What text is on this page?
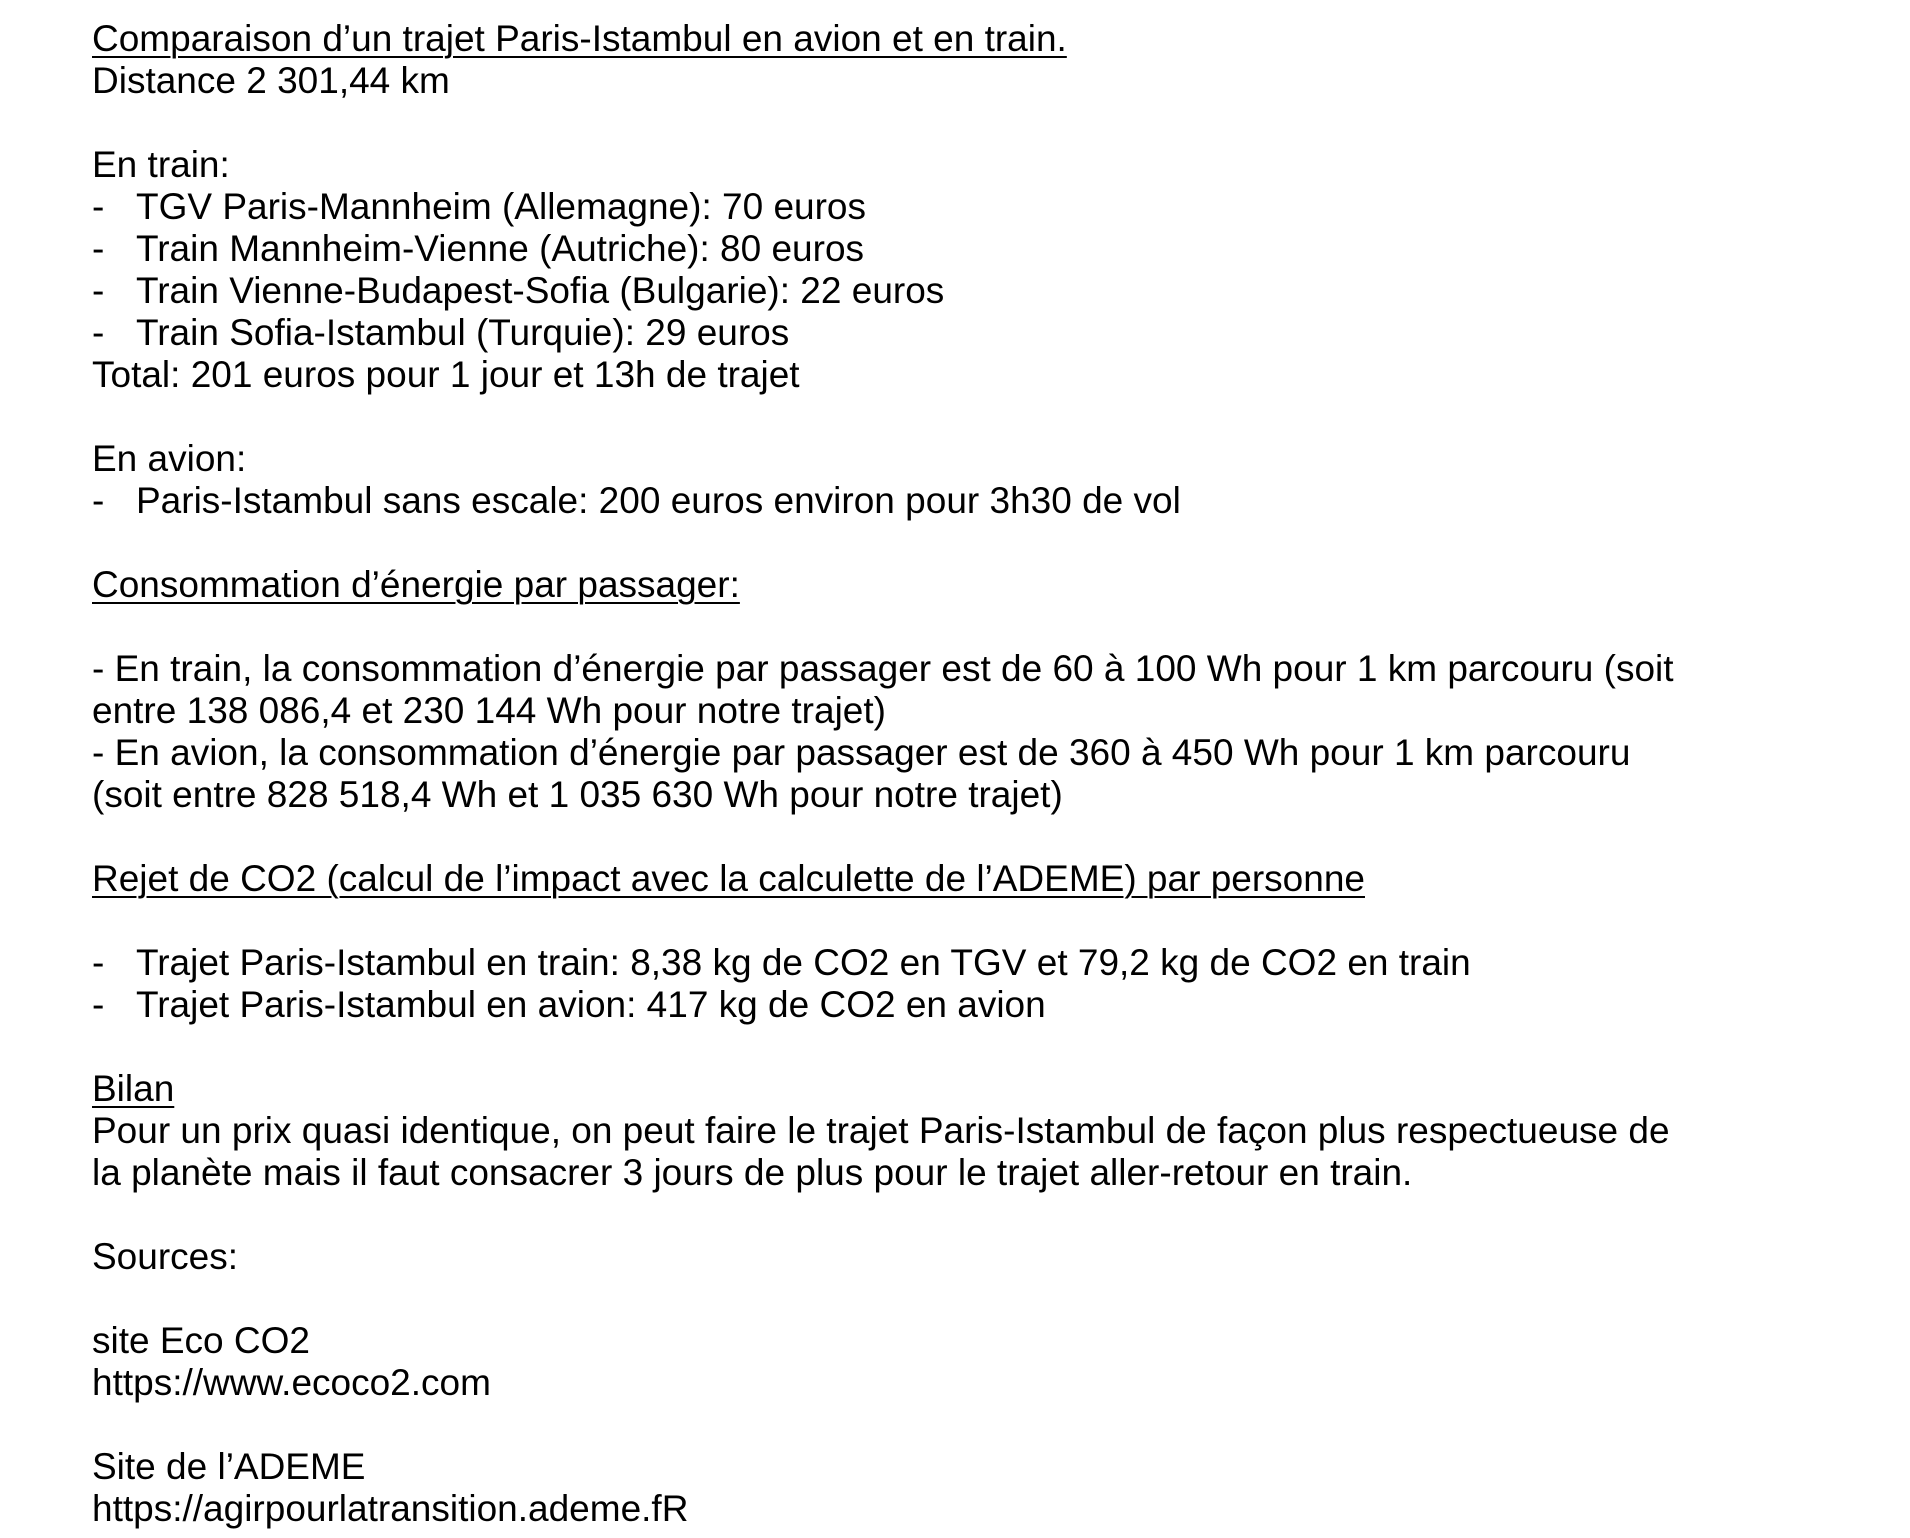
Comparaison d’un trajet Paris-Istambul en avion et en train.
Distance 2 301,44 km
En train:
- TGV Paris-Mannheim (Allemagne): 70 euros
- Train Mannheim-Vienne (Autriche): 80 euros
- Train Vienne-Budapest-Sofia (Bulgarie): 22 euros
- Train Sofia-Istambul (Turquie): 29 euros
Total: 201 euros pour 1 jour et 13h de trajet
En avion:
- Paris-Istambul sans escale: 200 euros environ pour 3h30 de vol
Consommation d’énergie par passager:
- En train, la consommation d’énergie par passager est de 60 à 100 Wh pour 1 km parcouru (soit
entre 138 086,4 et 230 144 Wh pour notre trajet)
- En avion, la consommation d’énergie par passager est de 360 à 450 Wh pour 1 km parcouru
(soit entre 828 518,4 Wh et 1 035 630 Wh pour notre trajet)
Rejet de CO2 (calcul de l’impact avec la calculette de l’ADEME) par personne
- Trajet Paris-Istambul en train: 8,38 kg de CO2 en TGV et 79,2 kg de CO2 en train
- Trajet Paris-Istambul en avion: 417 kg de CO2 en avion
Bilan
Pour un prix quasi identique, on peut faire le trajet Paris-Istambul de façon plus respectueuse de
la planète mais il faut consacrer 3 jours de plus pour le trajet aller-retour en train.
Sources:
site Eco CO2
https://www.ecoco2.com
Site de l’ADEME
https://agirpourlatransition.ademe.fR
